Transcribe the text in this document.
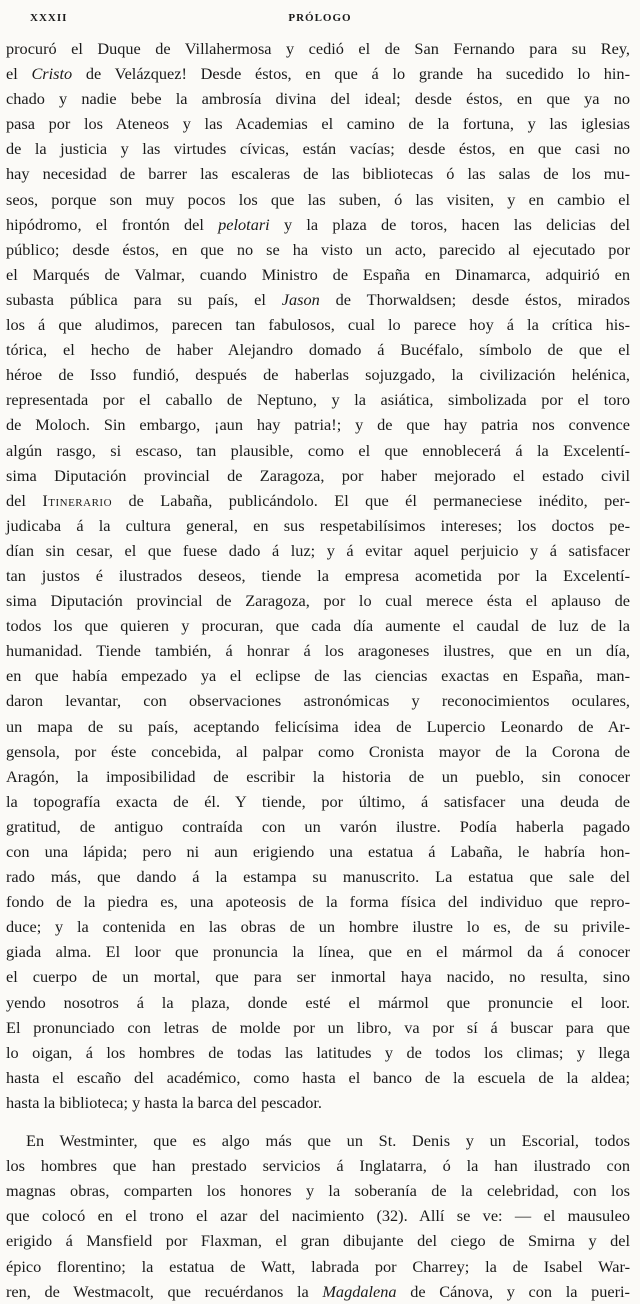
XXXII	PRÓLOGO
procuró el Duque de Villahermosa y cedió el de San Fernando para su Rey,
el Cristo de Velázquez! Desde éstos, en que á lo grande ha sucedido lo hin-
chado y nadie bebe la ambrosía divina del ideal; desde éstos, en que ya no
pasa por los Ateneos y las Academias el camino de la fortuna, y las iglesias
de la justicia y las virtudes cívicas, están vacías; desde éstos, en que casi no
hay necesidad de barrer las escaleras de las bibliotecas ó las salas de los mu-
seos, porque son muy pocos los que las suben, ó las visiten, y en cambio el
hipódromo, el frontón del pelotari y la plaza de toros, hacen las delicias del
público; desde éstos, en que no se ha visto un acto, parecido al ejecutado por
el Marqués de Valmar, cuando Ministro de España en Dinamarca, adquirió en
subasta pública para su país, el Jason de Thorwaldsen; desde éstos, mirados
los á que aludimos, parecen tan fabulosos, cual lo parece hoy á la crítica his-
tórica, el hecho de haber Alejandro domado á Bucéfalo, símbolo de que el
héroe de Isso fundió, después de haberlas sojuzgado, la civilización helénica,
representada por el caballo de Neptuno, y la asiática, simbolizada por el toro
de Moloch. Sin embargo, ¡aun hay patria!; y de que hay patria nos convence
algún rasgo, si escaso, tan plausible, como el que ennoblecerá á la Excelentí-
sima Diputación provincial de Zaragoza, por haber mejorado el estado civil
del Itinerario de Labaña, publicándolo. El que él permaneciese inédito, per-
judicaba á la cultura general, en sus respetabilísimos intereses; los doctos pe-
dían sin cesar, el que fuese dado á luz; y á evitar aquel perjuicio y á satisfacer
tan justos é ilustrados deseos, tiende la empresa acometida por la Excelentí-
sima Diputación provincial de Zaragoza, por lo cual merece ésta el aplauso de
todos los que quieren y procuran, que cada día aumente el caudal de luz de la
humanidad. Tiende también, á honrar á los aragoneses ilustres, que en un día,
en que había empezado ya el eclipse de las ciencias exactas en España, man-
daron levantar, con observaciones astronómicas y reconocimientos oculares,
un mapa de su país, aceptando felicísima idea de Lupercio Leonardo de Ar-
gensola, por éste concebida, al palpar como Cronista mayor de la Corona de
Aragón, la imposibilidad de escribir la historia de un pueblo, sin conocer
la topografía exacta de él. Y tiende, por último, á satisfacer una deuda de
gratitud, de antiguo contraída con un varón ilustre. Podía haberla pagado
con una lápida; pero ni aun erigiendo una estatua á Labaña, le habría hon-
rado más, que dando á la estampa su manuscrito. La estatua que sale del
fondo de la piedra es, una apoteosis de la forma física del individuo que repro-
duce; y la contenida en las obras de un hombre ilustre lo es, de su privile-
giada alma. El loor que pronuncia la línea, que en el mármol da á conocer
el cuerpo de un mortal, que para ser inmortal haya nacido, no resulta, sino
yendo nosotros á la plaza, donde esté el mármol que pronuncie el loor.
El pronunciado con letras de molde por un libro, va por sí á buscar para que
lo oigan, á los hombres de todas las latitudes y de todos los climas; y llega
hasta el escaño del académico, como hasta el banco de la escuela de la aldea;
hasta la biblioteca; y hasta la barca del pescador.
En Westminter, que es algo más que un St. Denis y un Escorial, todos
los hombres que han prestado servicios á Inglatarra, ó la han ilustrado con
magnas obras, comparten los honores y la soberanía de la celebridad, con los
que colocó en el trono el azar del nacimiento (32). Allí se ve: — el mausuleo
erigido á Mansfield por Flaxman, el gran dibujante del ciego de Smirna y del
épico florentino; la estatua de Watt, labrada por Charrey; la de Isabel War-
ren, de Westmacolt, que recuérdanos la Magdalena de Cánova, y con la pueri-
